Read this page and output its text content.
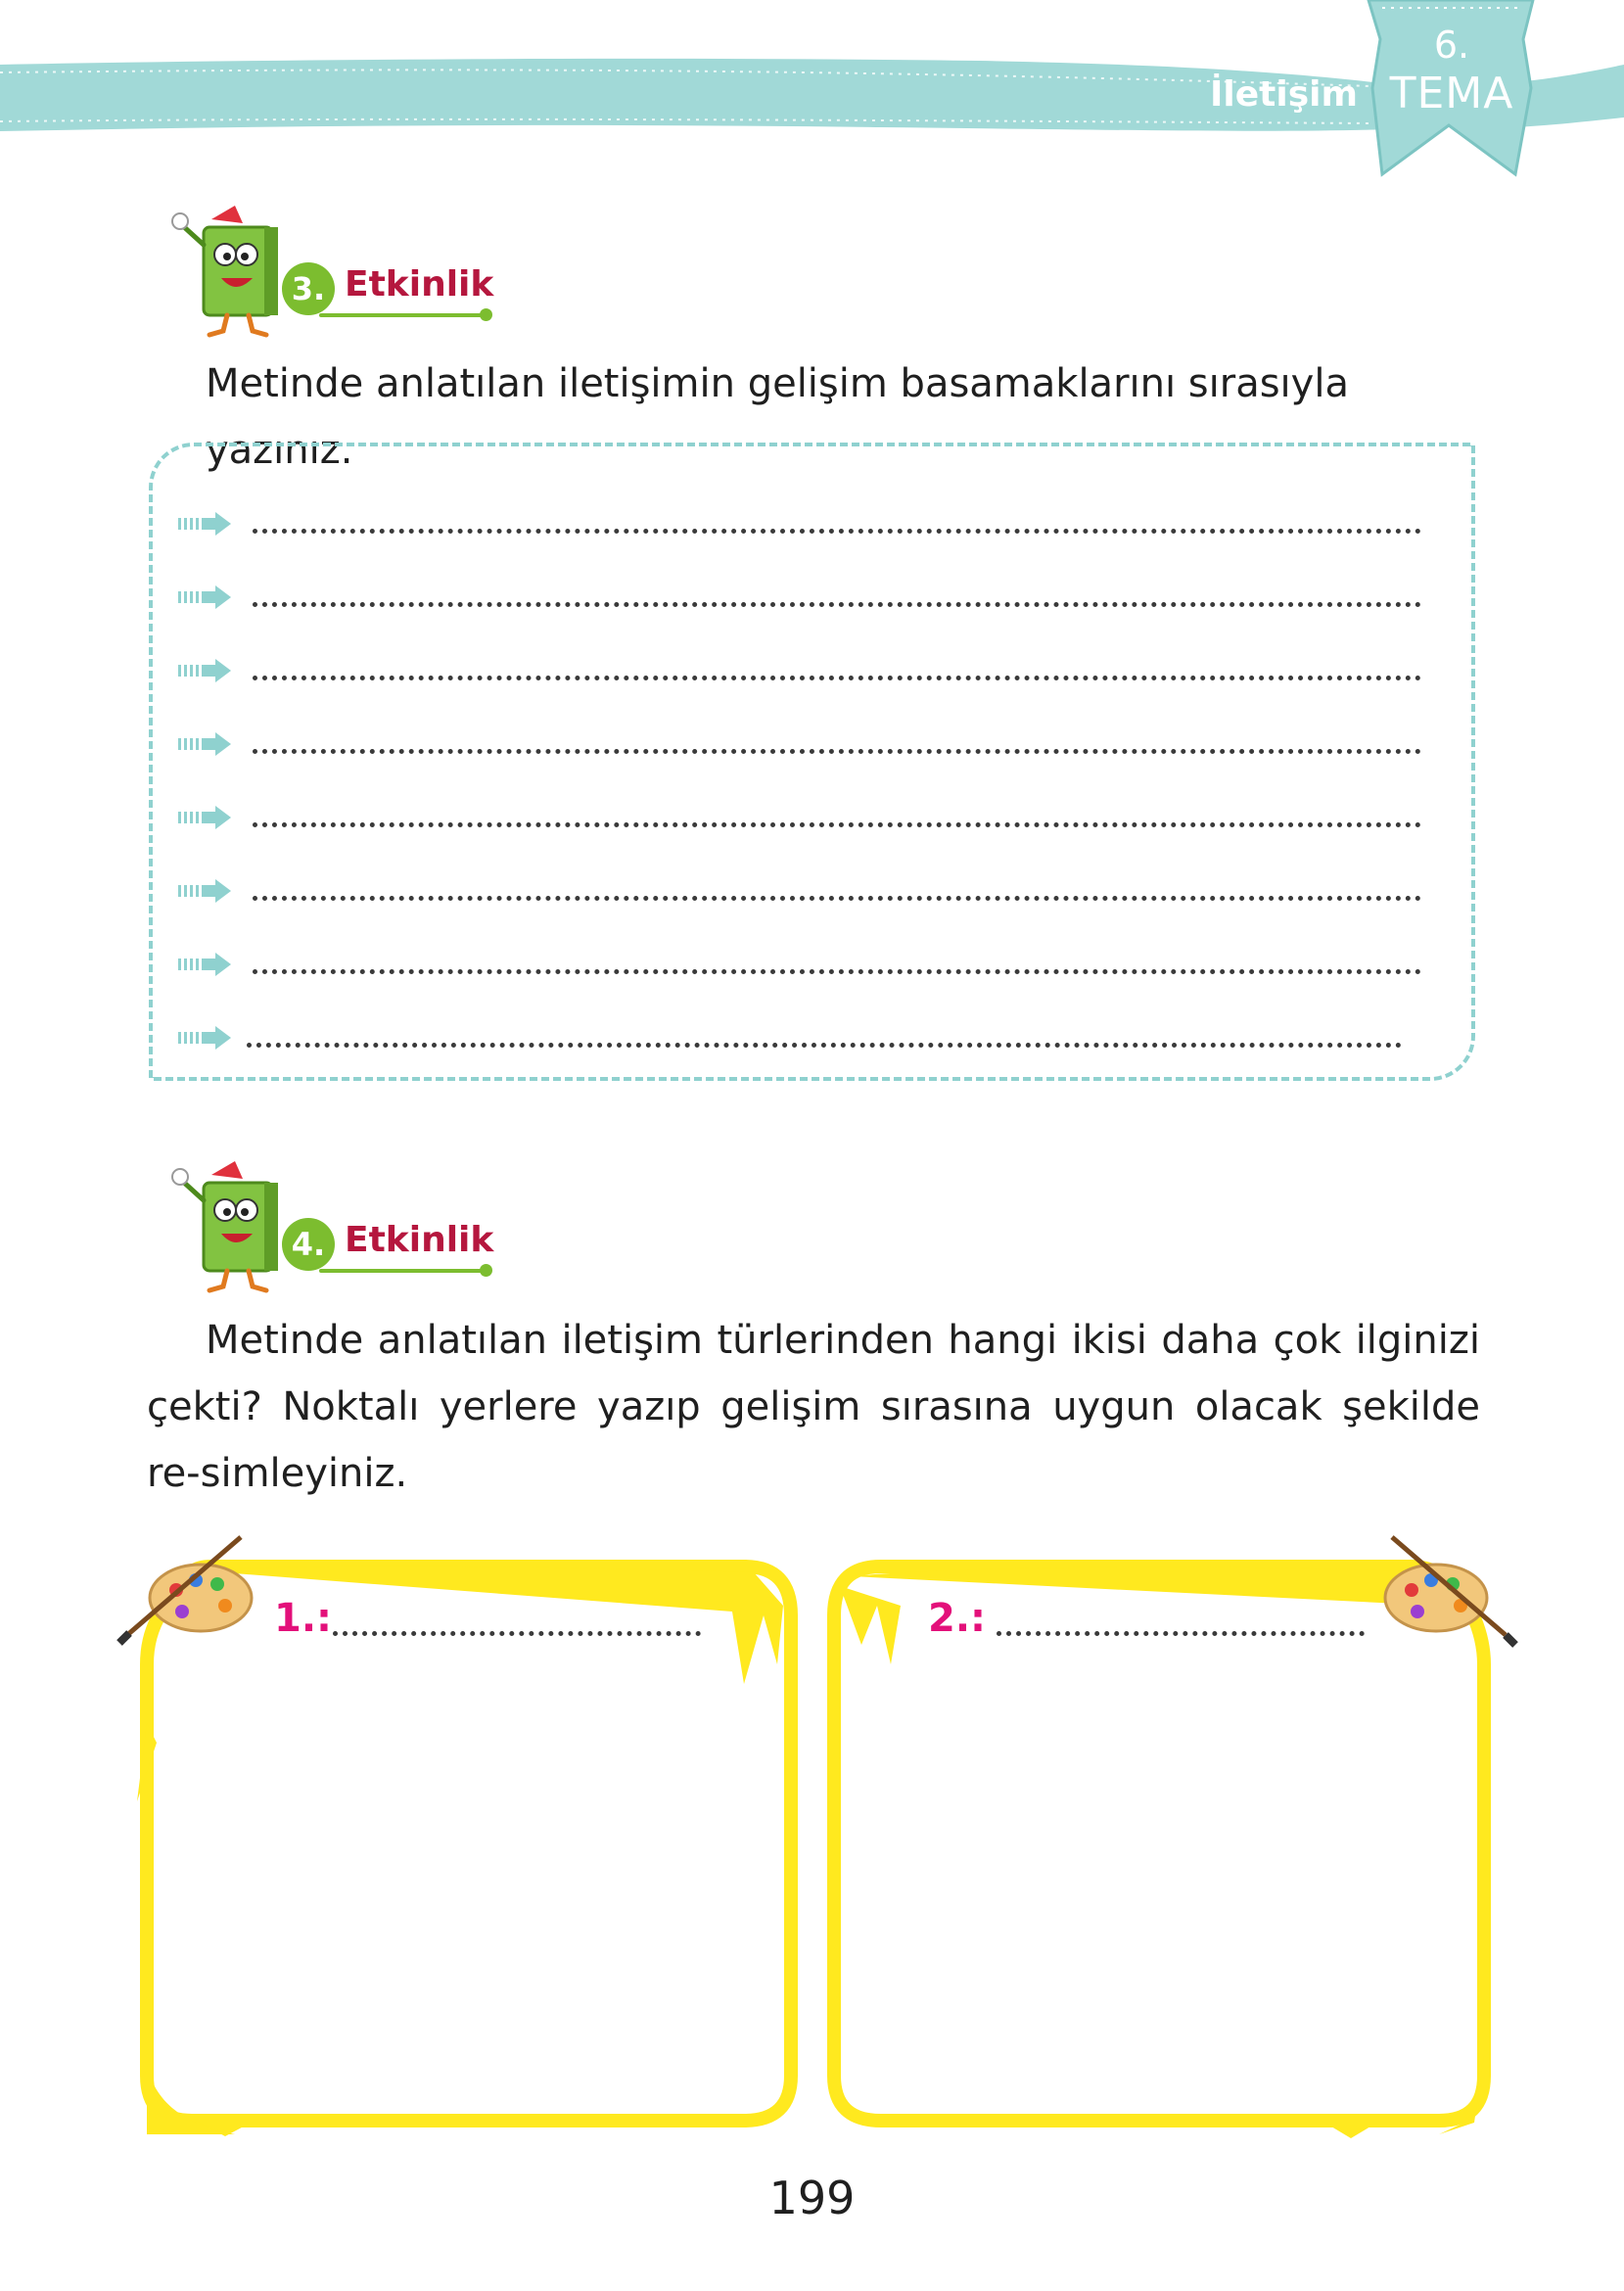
İletişim
6.
TEMA
3. Etkinlik
Metinde anlatılan iletişimin gelişim basamaklarını sırasıyla yazınız.
4. Etkinlik
Metinde anlatılan iletişim türlerinden hangi ikisi daha çok ilginizi çekti? Noktalı yerlere yazıp gelişim sırasına uygun olacak şekilde re-simleyiniz.
1.:	2.:
199
